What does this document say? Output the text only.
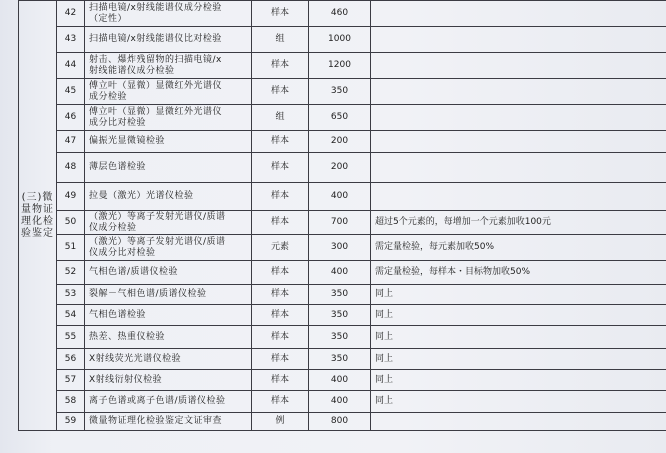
(三)微
量物证
理化检
验鉴定	42	扫描电镜/x射线能谱仪成分检验
（定性）	样本	460	
	43	扫描电镜/x射线能谱仪比对检验	组	1000	
	44	射击、爆炸残留物的扫描电镜/x
射线能谱仪成分检验	样本	1200	
	45	傅立叶（显微）显微红外光谱仪
成分检验	样本	350	
	46	傅立叶（显微）显微红外光谱仪
成分比对检验	组	650	
	47	偏振光显微镜检验	样本	200	
	48	薄层色谱检验	样本	200	
	49	拉曼（激光）光谱仪检验	样本	400	
	50	（激光）等离子发射光谱仪/质谱
仪成分检验	样本	700	超过5个元素的，每增加一个元素加收100元
	51	（激光）等离子发射光谱仪/质谱
仪成分比对检验	元素	300	需定量检验，每元素加收50%
	52	气相色谱/质谱仪检验	样本	400	需定量检验，每样本・目标物加收50%
	53	裂解－气相色谱/质谱仪检验	样本	350	同上
	54	气相色谱检验	样本	350	同上
	55	热差、热重仪检验	样本	350	同上
	56	X射线荧光光谱仪检验	样本	350	同上
	57	X射线衍射仪检验	样本	400	同上
	58	离子色谱或离子色谱/质谱仪检验	样本	400	同上
	59	微量物证理化检验鉴定文证审查	例	800	
